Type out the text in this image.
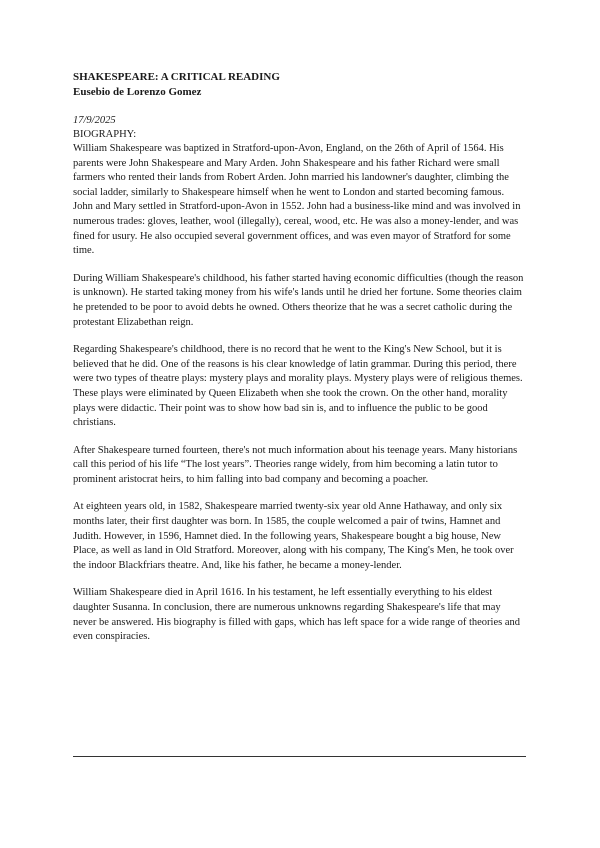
SHAKESPEARE: A CRITICAL READING

Eusebio de Lorenzo Gomez

17/9/2025

BIOGRAPHY:

William Shakespeare was baptized in Stratford-upon-Avon, England, on the 26th of April of 1564. His parents were John Shakespeare and Mary Arden. John Shakespeare and his father Richard were small farmers who rented their lands from Robert Arden. John married his landowner's daughter, climbing the social ladder, similarly to Shakespeare himself when he went to London and started becoming famous. John and Mary settled in Stratford-upon-Avon in 1552. John had a business-like mind and was involved in numerous trades: gloves, leather, wool (illegally), cereal, wood, etc. He was also a money-lender, and was fined for usury. He also occupied several government offices, and was even mayor of Stratford for some time.

During William Shakespeare's childhood, his father started having economic difficulties (though the reason is unknown). He started taking money from his wife's lands until he dried her fortune. Some theories claim he pretended to be poor to avoid debts he owned. Others theorize that he was a secret catholic during the protestant Elizabethan reign.

Regarding Shakespeare's childhood, there is no record that he went to the King's New School, but it is believed that he did. One of the reasons is his clear knowledge of latin grammar. During this period, there were two types of theatre plays: mystery plays and morality plays. Mystery plays were of religious themes. These plays were eliminated by Queen Elizabeth when she took the crown. On the other hand, morality plays were didactic. Their point was to show how bad sin is, and to influence the public to be good christians.

After Shakespeare turned fourteen, there's not much information about his teenage years. Many historians call this period of his life “The lost years”. Theories range widely, from him becoming a latin tutor to prominent aristocrat heirs, to him falling into bad company and becoming a poacher.

At eighteen years old, in 1582, Shakespeare married twenty-six year old Anne Hathaway, and only six months later, their first daughter was born. In 1585, the couple welcomed a pair of twins, Hamnet and Judith. However, in 1596, Hamnet died. In the following years, Shakespeare bought a big house, New Place, as well as land in Old Stratford. Moreover, along with his company, The King's Men, he took over the indoor Blackfriars theatre. And, like his father, he became a money-lender.

William Shakespeare died in April 1616. In his testament, he left essentially everything to his eldest daughter Susanna. In conclusion, there are numerous unknowns regarding Shakespeare's life that may never be answered. His biography is filled with gaps, which has left space for a wide range of theories and even conspiracies.
